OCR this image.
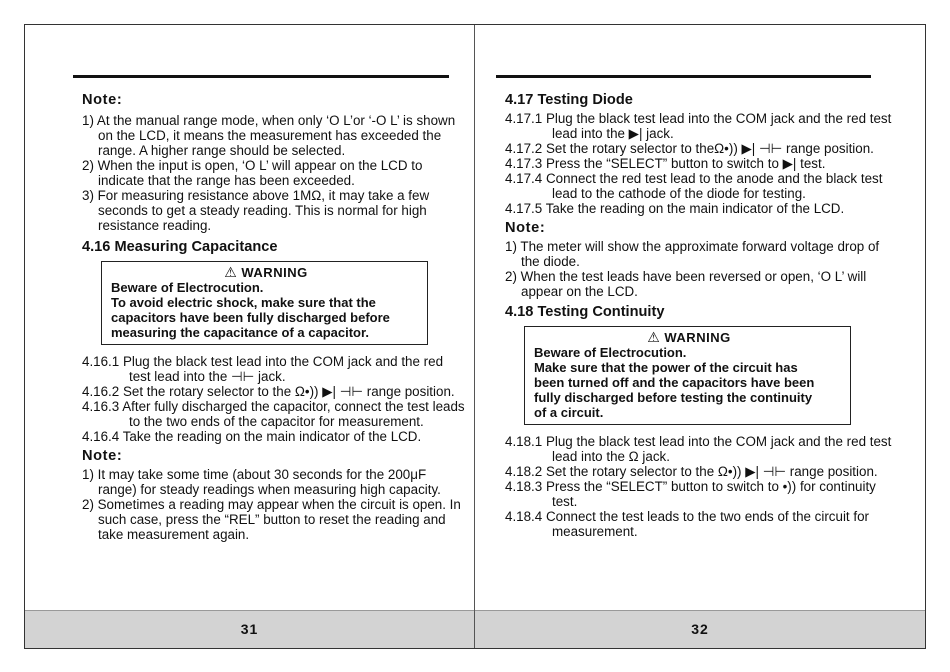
Note:

1) At the manual range mode, when only ‘O L’or ‘-O L’ is shown on the LCD, it means the measurement has exceeded the range. A higher range should be selected.

2) When the input is open, ‘O L’ will appear on the LCD to indicate that the range has been exceeded.

3) For measuring resistance above 1MΩ, it may take a few seconds to get a steady reading. This is normal for high resistance reading.

4.16 Measuring Capacitance

⚠ WARNING
Beware of Electrocution.
To avoid electric shock, make sure that the
capacitors have been fully discharged before
measuring the capacitance of a capacitor.

4.16.1 Plug the black test lead into the COM jack and the red test lead into the ⊣⊢ jack.

4.16.2 Set the rotary selector to the Ω•)) ▶| ⊣⊢ range position.

4.16.3 After fully discharged the capacitor, connect the test leads to the two ends of the capacitor for measurement.

4.16.4 Take the reading on the main indicator of the LCD.

Note:

1) It may take some time (about 30 seconds for the 200μF range) for steady readings when measuring high capacity.

2) Sometimes a reading may appear when the circuit is open. In such case, press the “REL” button to reset the reading and take measurement again.

31

4.17 Testing Diode

4.17.1 Plug the black test lead into the COM jack and the red test lead into the ▶| jack.

4.17.2 Set the rotary selector to theΩ•)) ▶| ⊣⊢ range position.

4.17.3 Press the “SELECT” button to switch to ▶| test.

4.17.4 Connect the red test lead to the anode and the black test lead to the cathode of the diode for testing.

4.17.5 Take the reading on the main indicator of the LCD.

Note:

1) The meter will show the approximate forward voltage drop of the diode.

2) When the test leads have been reversed or open, ‘O L’ will appear on the LCD.

4.18 Testing Continuity

⚠ WARNING
Beware of Electrocution.
Make sure that the power of the circuit has
been turned off and the capacitors have been
fully discharged before testing the continuity
of a circuit.

4.18.1 Plug the black test lead into the COM jack and the red test lead into the Ω jack.

4.18.2 Set the rotary selector to the Ω•)) ▶| ⊣⊢ range position.

4.18.3 Press the “SELECT” button to switch to •)) for continuity test.

4.18.4 Connect the test leads to the two ends of the circuit for measurement.

32
